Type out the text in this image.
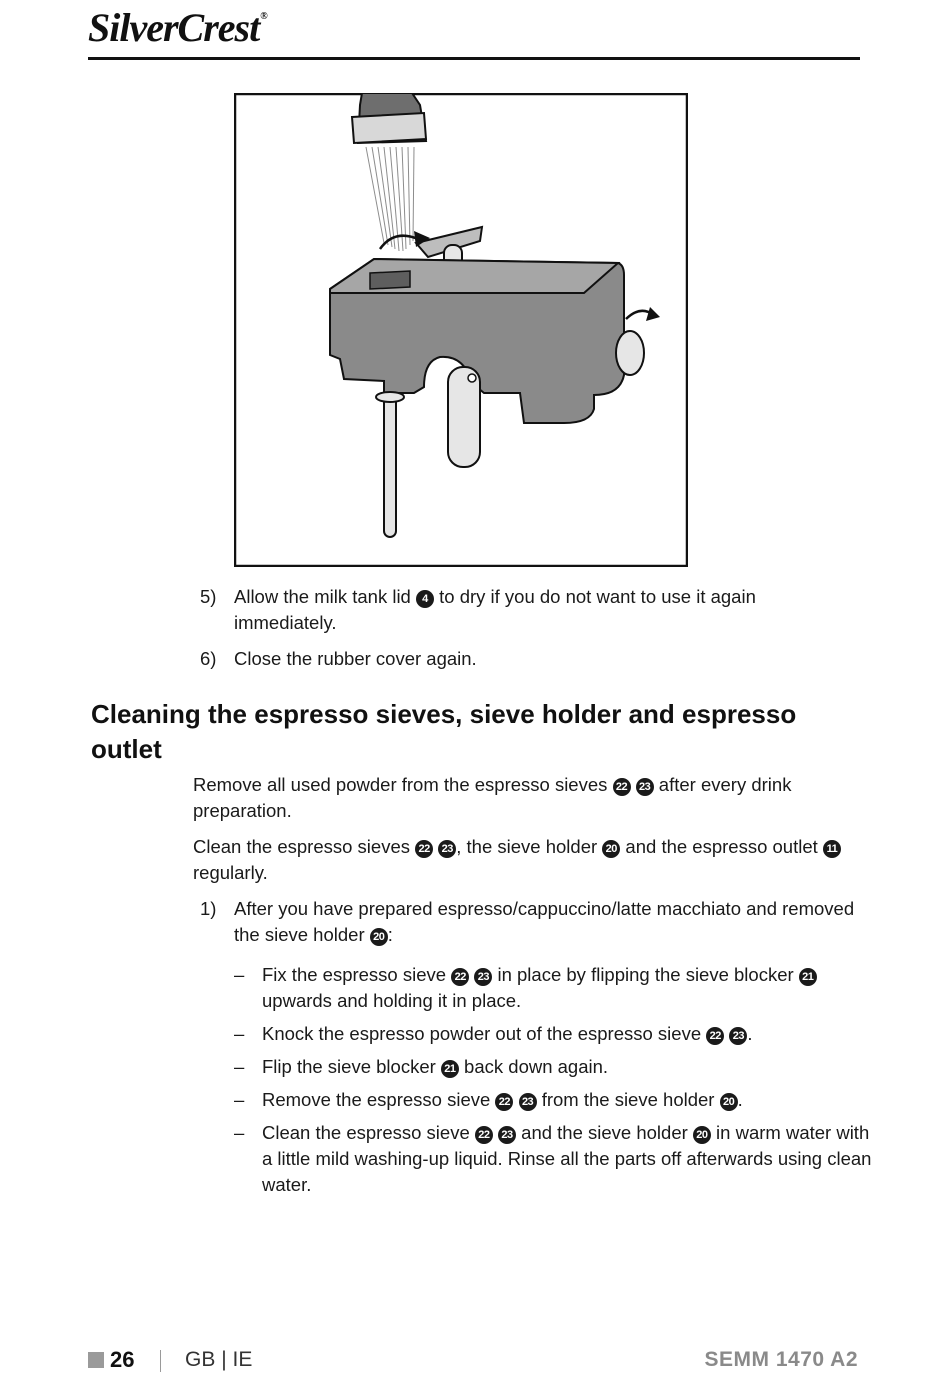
SilverCrest®
5) Allow the milk tank lid 4 to dry if you do not want to use it again immediately.
6) Close the rubber cover again.
Cleaning the espresso sieves, sieve holder and espresso outlet
Remove all used powder from the espresso sieves 22 23 after every drink preparation.
Clean the espresso sieves 22 23 , the sieve holder 20 and the espresso outlet 11 regularly.
1) After you have prepared espresso/cappuccino/latte macchiato and removed the sieve holder 20 :
– Fix the espresso sieve 22 23 in place by flipping the sieve blocker 21 upwards and holding it in place.
– Knock the espresso powder out of the espresso sieve 22 23 .
– Flip the sieve blocker 21 back down again.
– Remove the espresso sieve 22 23 from the sieve holder 20 .
– Clean the espresso sieve 22 23 and the sieve holder 20 in warm water with a little mild washing-up liquid. Rinse all the parts off afterwards using clean water.
26 GB | IE	SEMM 1470 A2
